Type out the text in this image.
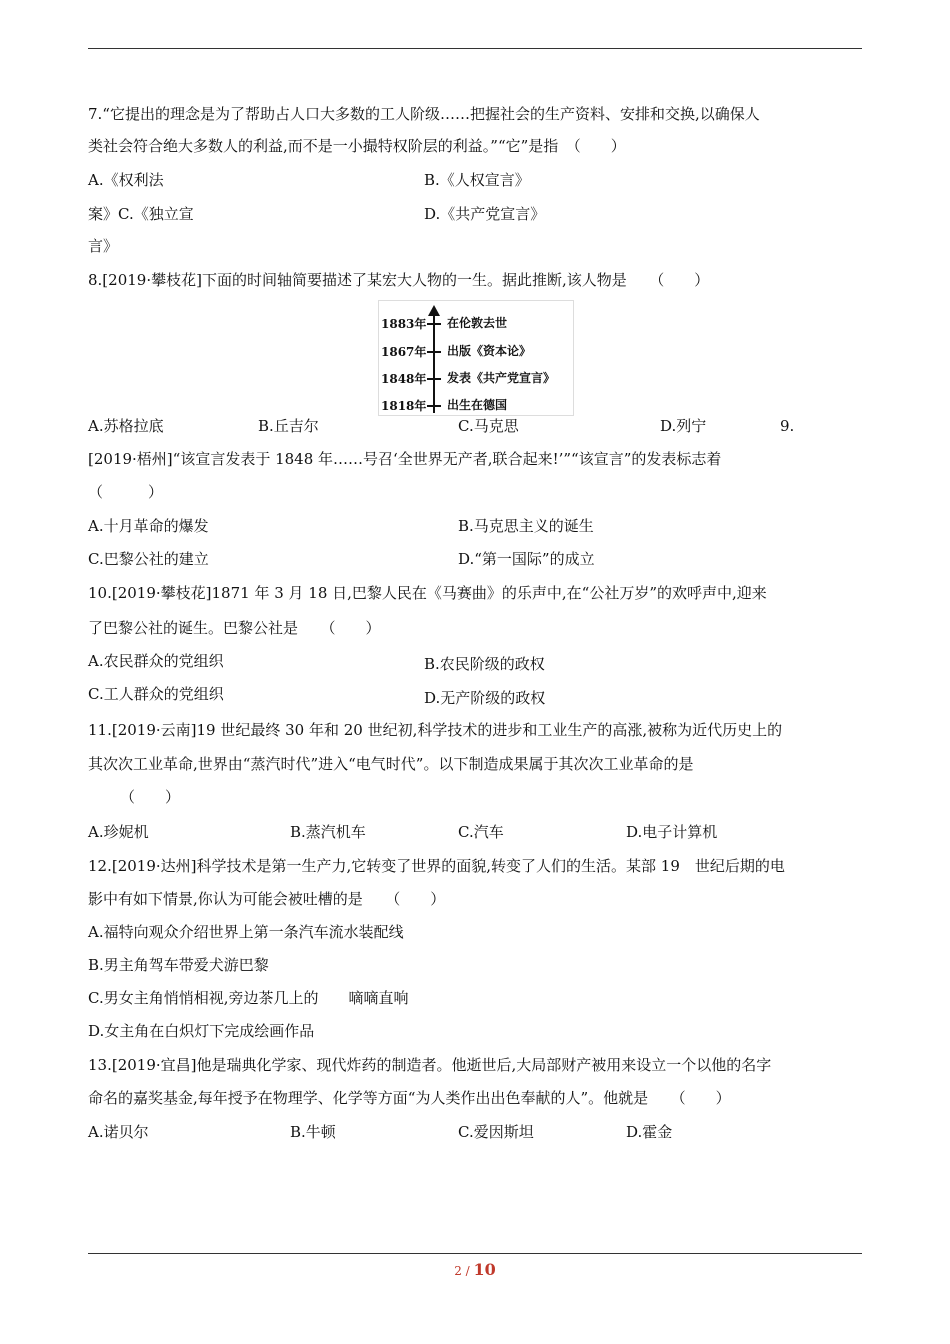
7.“它提出的理念是为了帮助占人口大多数的工人阶级……把握社会的生产资料、安排和交换,以确保人
类社会符合绝大多数人的利益,而不是一小撮特权阶层的利益。”“它”是指　（　　）
A.《权利法	B.《人权宣言》
案》C.《独立宣	D.《共产党宣言》
言》
8.[2019·攀枝花]下面的时间轴简要描述了某宏大人物的一生。据此推断,该人物是　　（　　）
1883年 在伦敦去世
1867年 出版《资本论》
1848年 发表《共产党宣言》
1818年 出生在德国
A.苏格拉底	B.丘吉尔	C.马克思	D.列宁	9.
[2019·梧州]“该宣言发表于 1848 年……号召‘全世界无产者,联合起来!’”“该宣言”的发表标志着
（　　　）
A.十月革命的爆发	B.马克思主义的诞生
C.巴黎公社的建立	D.“第一国际”的成立
10.[2019·攀枝花]1871 年 3 月 18 日,巴黎人民在《马赛曲》的乐声中,在“公社万岁”的欢呼声中,迎来
了巴黎公社的诞生。巴黎公社是　　（　　）
A.农民群众的党组织	B.农民阶级的政权
C.工人群众的党组织	D.无产阶级的政权
11.[2019·云南]19 世纪最终 30 年和 20 世纪初,科学技术的进步和工业生产的高涨,被称为近代历史上的
其次次工业革命,世界由“蒸汽时代”进入“电气时代”。以下制造成果属于其次次工业革命的是
（　　）
A.珍妮机	B.蒸汽机车	C.汽车	D.电子计算机
12.[2019·达州]科学技术是第一生产力,它转变了世界的面貌,转变了人们的生活。某部 19　世纪后期的电
影中有如下情景,你认为可能会被吐槽的是　　（　　）
A.福特向观众介绍世界上第一条汽车流水装配线
B.男主角驾车带爱犬游巴黎
C.男女主角悄悄相视,旁边茶几上的　　嘀嘀直响
D.女主角在白炽灯下完成绘画作品
13.[2019·宜昌]他是瑞典化学家、现代炸药的制造者。他逝世后,大局部财产被用来设立一个以他的名字
命名的嘉奖基金,每年授予在物理学、化学等方面“为人类作出出色奉献的人”。他就是　　（　　）
A.诺贝尔	B.牛顿	C.爱因斯坦	D.霍金
2 / 10
